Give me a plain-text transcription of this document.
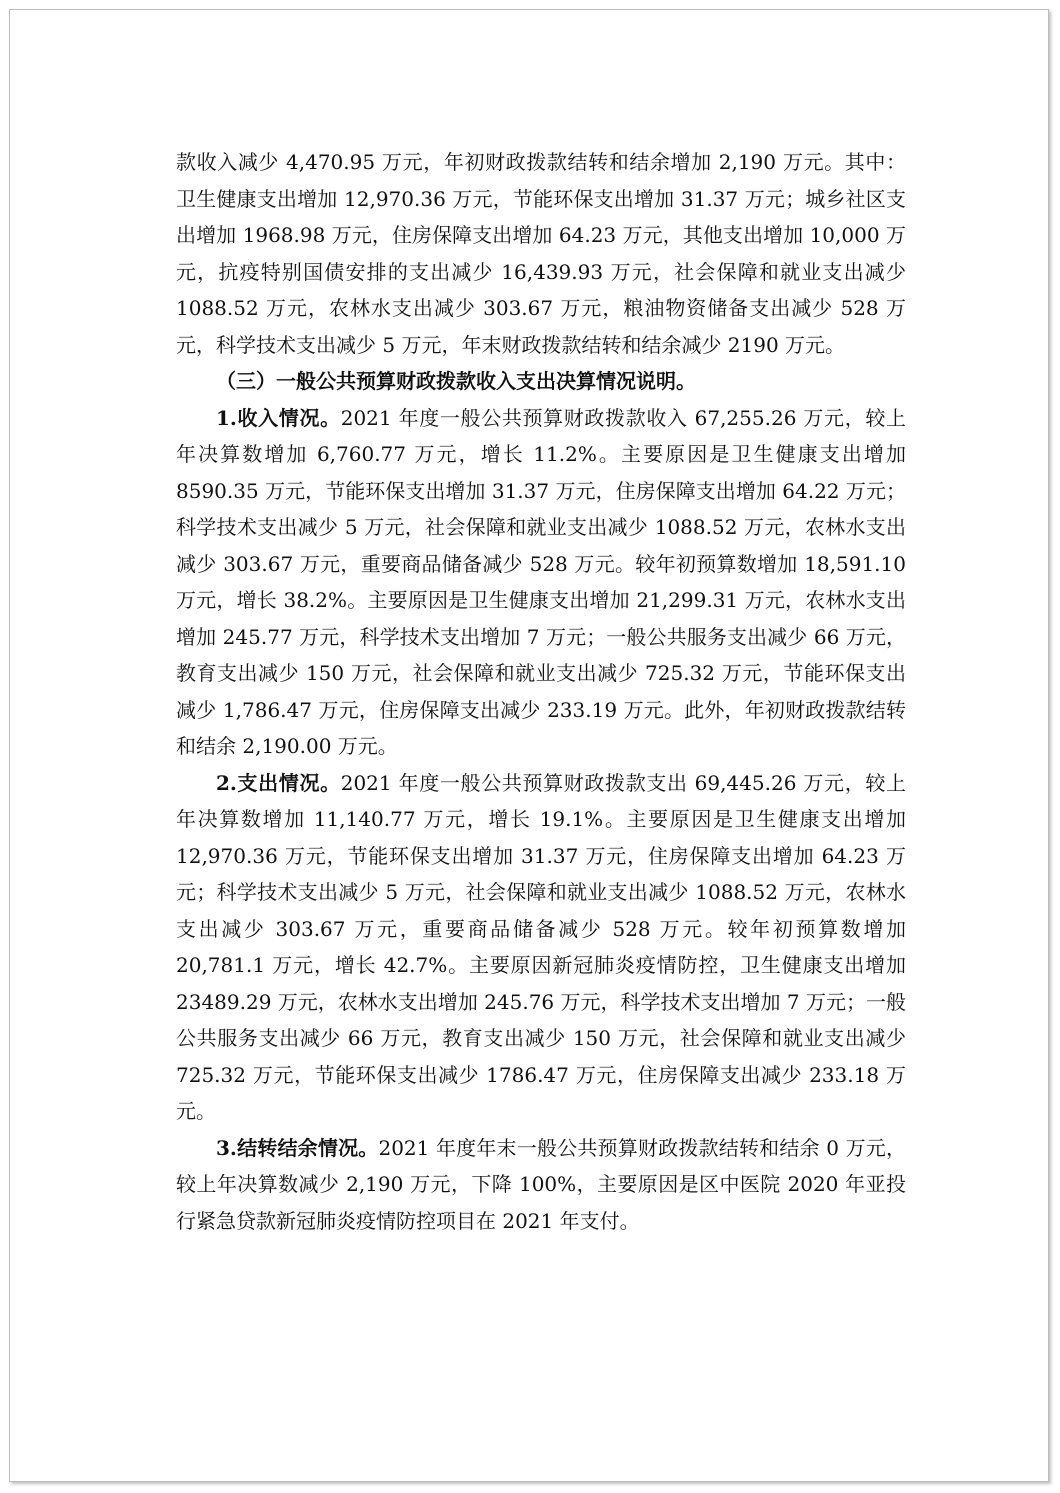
款收入减少 4,470.95 万元，年初财政拨款结转和结余增加 2,190 万元。其中：卫生健康支出增加 12,970.36 万元，节能环保支出增加 31.37 万元；城乡社区支出增加 1968.98 万元，住房保障支出增加 64.23 万元，其他支出增加 10,000 万元，抗疫特别国债安排的支出减少 16,439.93 万元，社会保障和就业支出减少 1088.52 万元，农林水支出减少 303.67 万元，粮油物资储备支出减少 528 万元，科学技术支出减少 5 万元，年末财政拨款结转和结余减少 2190 万元。

（三）一般公共预算财政拨款收入支出决算情况说明。

1.收入情况。2021 年度一般公共预算财政拨款收入 67,255.26 万元，较上年决算数增加 6,760.77 万元，增长 11.2%。主要原因是卫生健康支出增加 8590.35 万元，节能环保支出增加 31.37 万元，住房保障支出增加 64.22 万元；科学技术支出减少 5 万元，社会保障和就业支出减少 1088.52 万元，农林水支出减少 303.67 万元，重要商品储备减少 528 万元。较年初预算数增加 18,591.10 万元，增长 38.2%。主要原因是卫生健康支出增加 21,299.31 万元，农林水支出增加 245.77 万元，科学技术支出增加 7 万元；一般公共服务支出减少 66 万元，教育支出减少 150 万元，社会保障和就业支出减少 725.32 万元，节能环保支出减少 1,786.47 万元，住房保障支出减少 233.19 万元。此外，年初财政拨款结转和结余 2,190.00 万元。

2.支出情况。2021 年度一般公共预算财政拨款支出 69,445.26 万元，较上年决算数增加 11,140.77 万元，增长 19.1%。主要原因是卫生健康支出增加 12,970.36 万元，节能环保支出增加 31.37 万元，住房保障支出增加 64.23 万元；科学技术支出减少 5 万元，社会保障和就业支出减少 1088.52 万元，农林水支出减少 303.67 万元，重要商品储备减少 528 万元。较年初预算数增加 20,781.1 万元，增长 42.7%。主要原因新冠肺炎疫情防控，卫生健康支出增加 23489.29 万元，农林水支出增加 245.76 万元，科学技术支出增加 7 万元；一般公共服务支出减少 66 万元，教育支出减少 150 万元，社会保障和就业支出减少 725.32 万元，节能环保支出减少 1786.47 万元，住房保障支出减少 233.18 万元。

3.结转结余情况。2021 年度年末一般公共预算财政拨款结转和结余 0 万元，较上年决算数减少 2,190 万元，下降 100%，主要原因是区中医院 2020 年亚投行紧急贷款新冠肺炎疫情防控项目在 2021 年支付。
